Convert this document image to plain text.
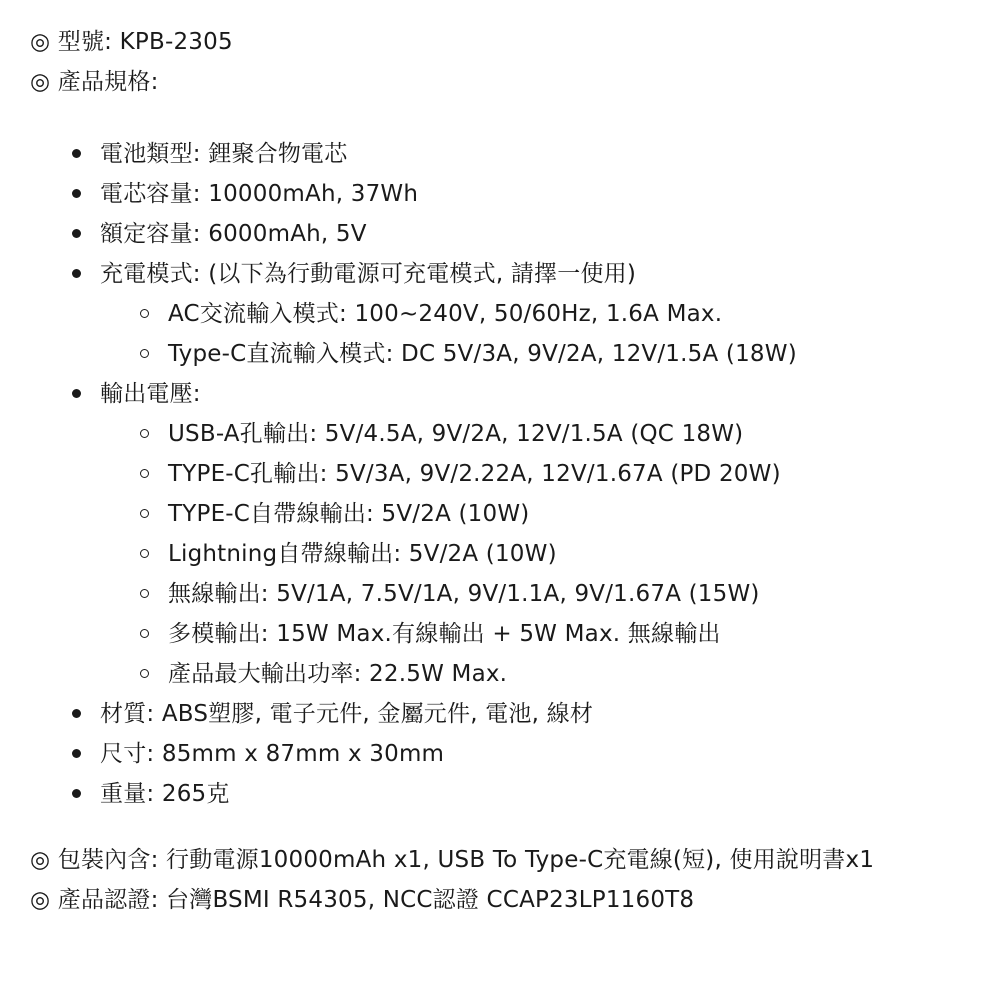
◎ 型號: KPB-2305
◎ 產品規格:
電池類型: 鋰聚合物電芯
電芯容量: 10000mAh, 37Wh
額定容量: 6000mAh, 5V
充電模式: (以下為行動電源可充電模式, 請擇一使用)
AC交流輸入模式: 100~240V, 50/60Hz, 1.6A Max.
Type-C直流輸入模式: DC 5V/3A, 9V/2A, 12V/1.5A (18W)
輸出電壓:
USB-A孔輸出: 5V/4.5A, 9V/2A, 12V/1.5A (QC 18W)
TYPE-C孔輸出: 5V/3A, 9V/2.22A, 12V/1.67A (PD 20W)
TYPE-C自帶線輸出: 5V/2A (10W)
Lightning自帶線輸出: 5V/2A (10W)
無線輸出: 5V/1A, 7.5V/1A, 9V/1.1A, 9V/1.67A (15W)
多模輸出: 15W Max.有線輸出 + 5W Max. 無線輸出
產品最大輸出功率: 22.5W Max.
材質: ABS塑膠, 電子元件, 金屬元件, 電池, 線材
尺寸: 85mm x 87mm x 30mm
重量: 265克
◎ 包裝內含: 行動電源10000mAh x1, USB To Type-C充電線(短), 使用說明書x1
◎ 產品認證: 台灣BSMI R54305, NCC認證 CCAP23LP1160T8
